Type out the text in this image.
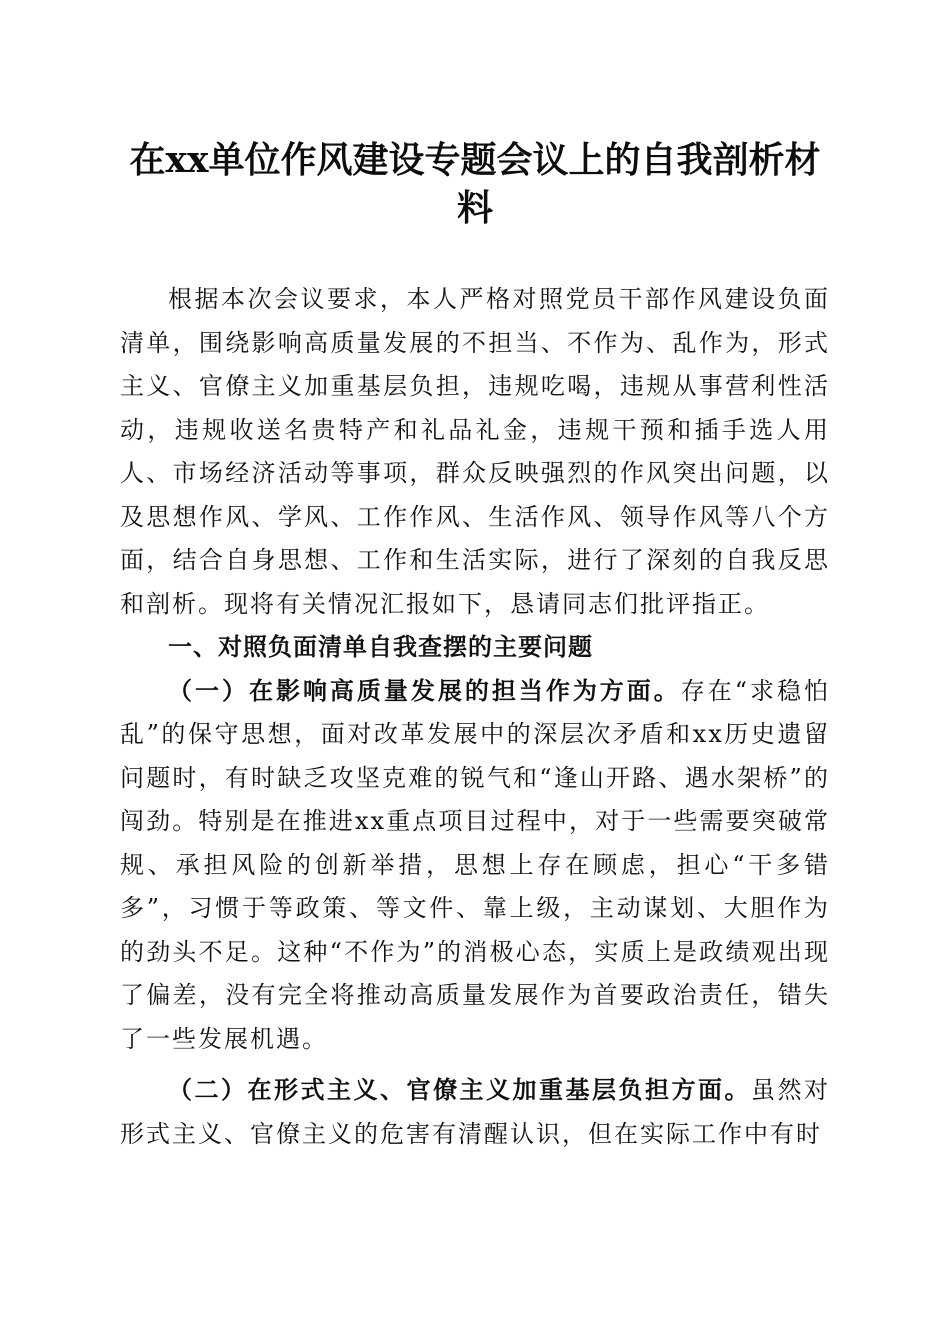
在xx单位作风建设专题会议上的自我剖析材料

根据本次会议要求，本人严格对照党员干部作风建设负面清单，围绕影响高质量发展的不担当、不作为、乱作为，形式主义、官僚主义加重基层负担，违规吃喝，违规从事营利性活动，违规收送名贵特产和礼品礼金，违规干预和插手选人用人、市场经济活动等事项，群众反映强烈的作风突出问题，以及思想作风、学风、工作作风、生活作风、领导作风等八个方面，结合自身思想、工作和生活实际，进行了深刻的自我反思和剖析。现将有关情况汇报如下，恳请同志们批评指正。

一、对照负面清单自我查摆的主要问题

（一）在影响高质量发展的担当作为方面。存在“求稳怕乱”的保守思想，面对改革发展中的深层次矛盾和xx历史遗留问题时，有时缺乏攻坚克难的锐气和“逢山开路、遇水架桥”的闯劲。特别是在推进xx重点项目过程中，对于一些需要突破常规、承担风险的创新举措，思想上存在顾虑，担心“干多错多”，习惯于等政策、等文件、靠上级，主动谋划、大胆作为的劲头不足。这种“不作为”的消极心态，实质上是政绩观出现了偏差，没有完全将推动高质量发展作为首要政治责任，错失了一些发展机遇。

（二）在形式主义、官僚主义加重基层负担方面。虽然对形式主义、官僚主义的危害有清醒认识，但在实际工作中有时
